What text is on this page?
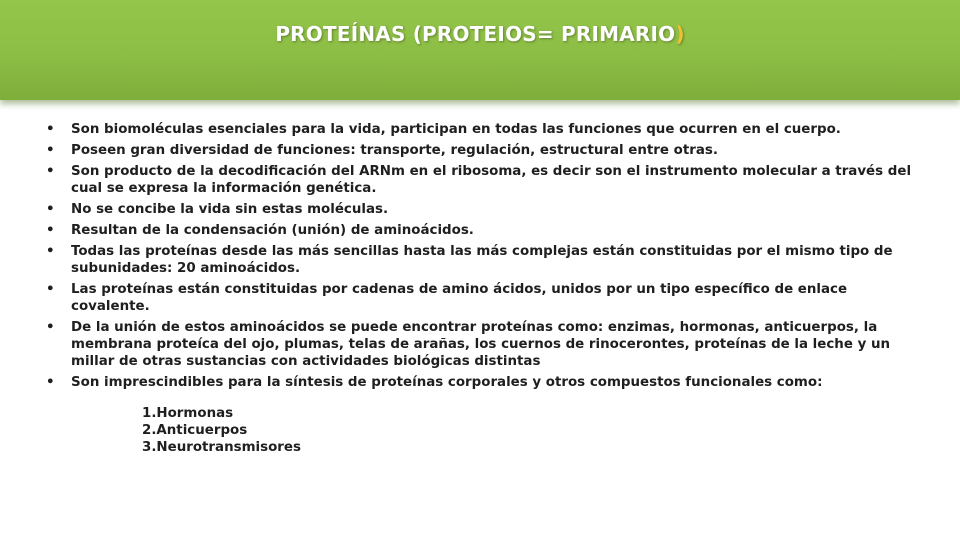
PROTEÍNAS (PROTEIOS= PRIMARIO)
•	Son biomoléculas esenciales para la vida, participan en todas las funciones que ocurren en el cuerpo.
•	Poseen gran diversidad de funciones: transporte, regulación, estructural entre otras.
•	Son producto de la decodificación del ARNm en el ribosoma, es decir son el instrumento molecular a través del cual se expresa la información genética.
•	No se concibe la vida sin estas moléculas.
•	Resultan de la condensación (unión) de aminoácidos.
•	Todas las proteínas desde las más sencillas hasta las más complejas están constituidas por el mismo tipo de subunidades: 20 aminoácidos.
•	Las proteínas están constituidas por cadenas de amino ácidos, unidos por un tipo específico de enlace covalente.
•	De la unión de estos aminoácidos se puede encontrar proteínas como: enzimas, hormonas, anticuerpos, la membrana proteíca del ojo, plumas, telas de arañas, los cuernos de rinocerontes, proteínas de la leche y un millar de otras sustancias con actividades biológicas distintas
•	Son imprescindibles para la síntesis de proteínas corporales y otros compuestos funcionales como:
1.Hormonas
2.Anticuerpos
3.Neurotransmisores
